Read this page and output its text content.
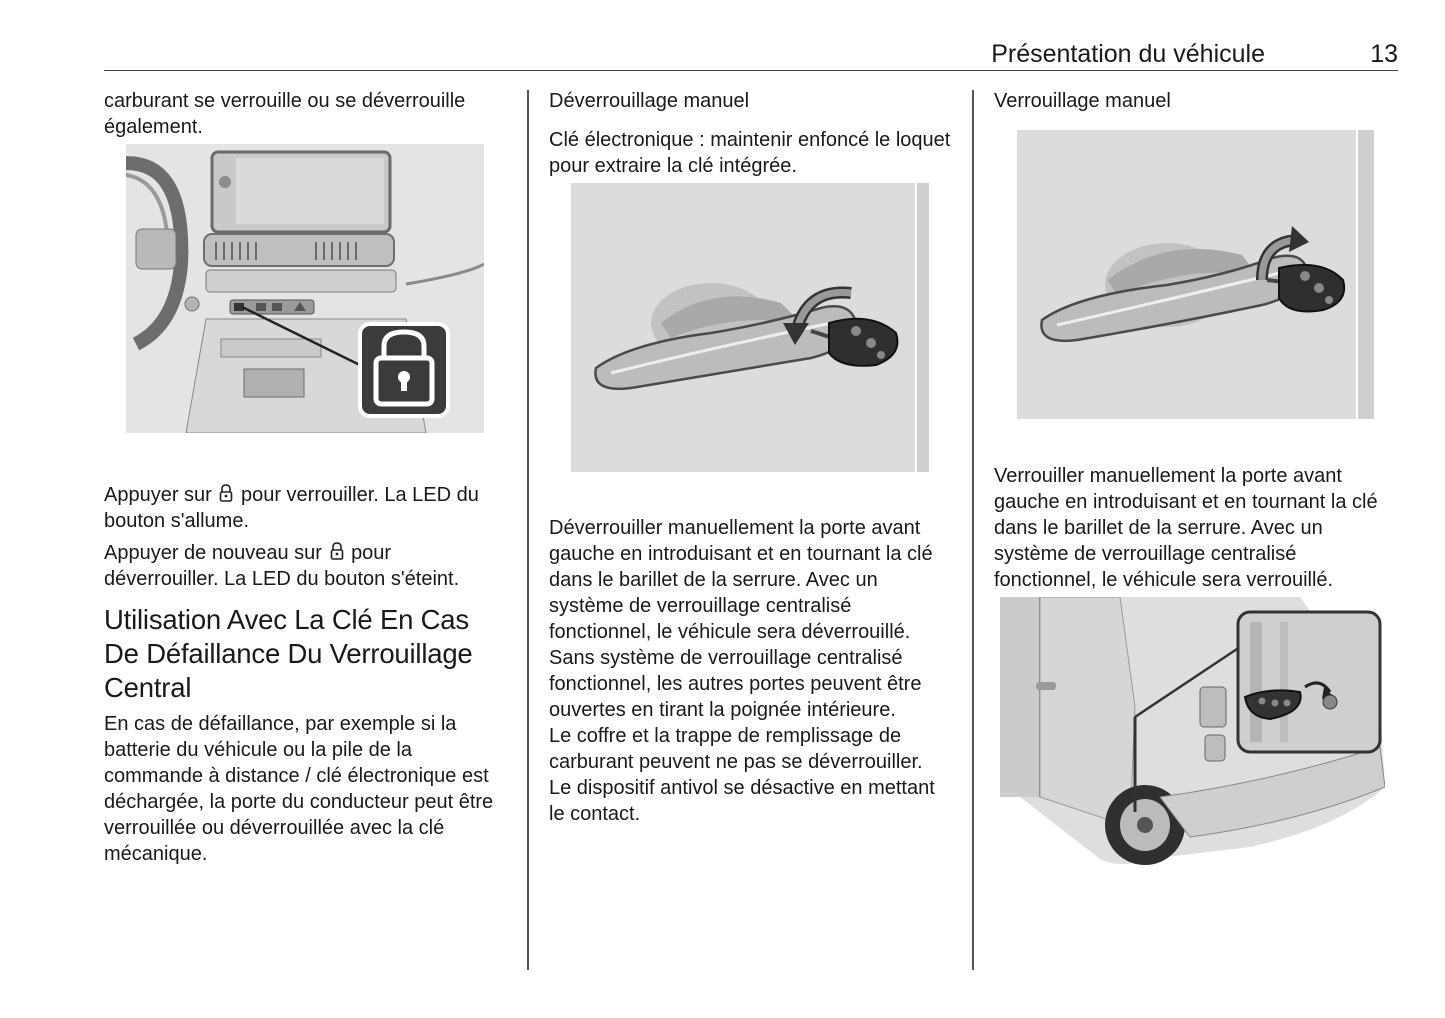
Présentation du véhicule	13

carburant se verrouille ou se déverrouille également.

Appuyer sur pour verrouiller. La LED du bouton s'allume.

Appuyer de nouveau sur pour déverrouiller. La LED du bouton s'éteint.

Utilisation Avec La Clé En Cas De Défaillance Du Verrouillage Central

En cas de défaillance, par exemple si la batterie du véhicule ou la pile de la commande à distance / clé électronique est déchargée, la porte du conducteur peut être verrouillée ou déverrouillée avec la clé mécanique.

Déverrouillage manuel

Clé électronique : maintenir enfoncé le loquet pour extraire la clé intégrée.

Déverrouiller manuellement la porte avant gauche en introduisant et en tournant la clé dans le barillet de la serrure. Avec un système de verrouillage centralisé fonctionnel, le véhicule sera déverrouillé.

Sans système de verrouillage centralisé fonctionnel, les autres portes peuvent être ouvertes en tirant la poignée intérieure.

Le coffre et la trappe de remplissage de carburant peuvent ne pas se déverrouiller.

Le dispositif antivol se désactive en mettant le contact.

Verrouillage manuel

Verrouiller manuellement la porte avant gauche en introduisant et en tournant la clé dans le barillet de la serrure. Avec un système de verrouillage centralisé fonctionnel, le véhicule sera verrouillé.
